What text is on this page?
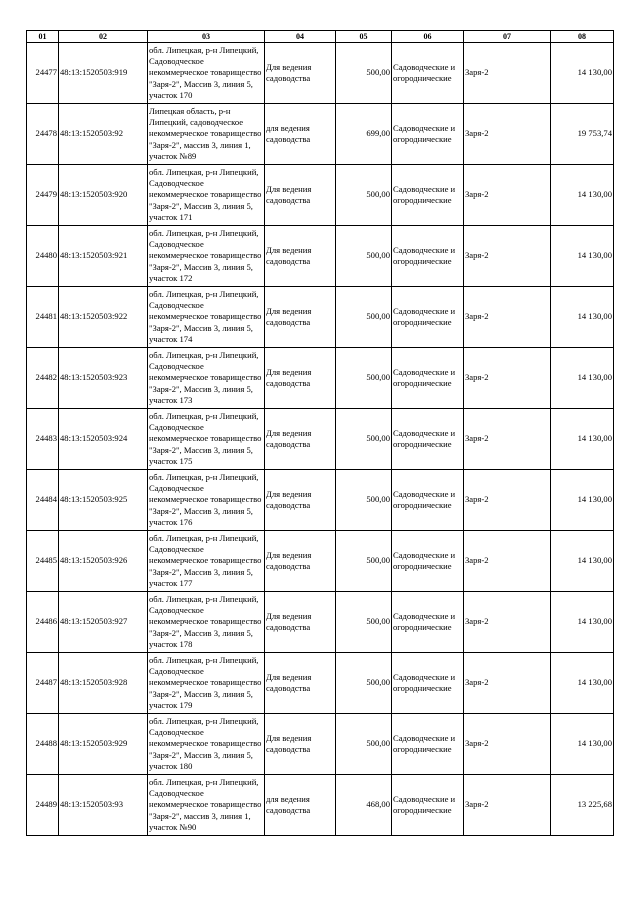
01	02	03	04	05	06	07	08
24477	48:13:1520503:919	обл. Липецкая, р-н Липецкий, Садоводческое некоммерческое товарищество "Заря-2", Массив 3, линия 5, участок 170	Для ведения садоводства	500,00	Садоводческие и огороднические	Заря-2	14 130,00
24478	48:13:1520503:92	Липецкая область, р-н Липецкий, садоводческое некоммерческое товарищество "Заря-2", массив 3, линия 1, участок №89	для ведения садоводства	699,00	Садоводческие и огороднические	Заря-2	19 753,74
24479	48:13:1520503:920	обл. Липецкая, р-н Липецкий, Садоводческое некоммерческое товарищество "Заря-2", Массив 3, линия 5, участок 171	Для ведения садоводства	500,00	Садоводческие и огороднические	Заря-2	14 130,00
24480	48:13:1520503:921	обл. Липецкая, р-н Липецкий, Садоводческое некоммерческое товарищество "Заря-2", Массив 3, линия 5, участок 172	Для ведения садоводства	500,00	Садоводческие и огороднические	Заря-2	14 130,00
24481	48:13:1520503:922	обл. Липецкая, р-н Липецкий, Садоводческое некоммерческое товарищество "Заря-2", Массив 3, линия 5, участок 174	Для ведения садоводства	500,00	Садоводческие и огороднические	Заря-2	14 130,00
24482	48:13:1520503:923	обл. Липецкая, р-н Липецкий, Садоводческое некоммерческое товарищество "Заря-2", Массив 3, линия 5, участок 173	Для ведения садоводства	500,00	Садоводческие и огороднические	Заря-2	14 130,00
24483	48:13:1520503:924	обл. Липецкая, р-н Липецкий, Садоводческое некоммерческое товарищество "Заря-2", Массив 3, линия 5, участок 175	Для ведения садоводства	500,00	Садоводческие и огороднические	Заря-2	14 130,00
24484	48:13:1520503:925	обл. Липецкая, р-н Липецкий, Садоводческое некоммерческое товарищество "Заря-2", Массив 3, линия 5, участок 176	Для ведения садоводства	500,00	Садоводческие и огороднические	Заря-2	14 130,00
24485	48:13:1520503:926	обл. Липецкая, р-н Липецкий, Садоводческое некоммерческое товарищество "Заря-2", Массив 3, линия 5, участок 177	Для ведения садоводства	500,00	Садоводческие и огороднические	Заря-2	14 130,00
24486	48:13:1520503:927	обл. Липецкая, р-н Липецкий, Садоводческое некоммерческое товарищество "Заря-2", Массив 3, линия 5, участок 178	Для ведения садоводства	500,00	Садоводческие и огороднические	Заря-2	14 130,00
24487	48:13:1520503:928	обл. Липецкая, р-н Липецкий, Садоводческое некоммерческое товарищество "Заря-2", Массив 3, линия 5, участок 179	Для ведения садоводства	500,00	Садоводческие и огороднические	Заря-2	14 130,00
24488	48:13:1520503:929	обл. Липецкая, р-н Липецкий, Садоводческое некоммерческое товарищество "Заря-2", Массив 3, линия 5, участок 180	Для ведения садоводства	500,00	Садоводческие и огороднические	Заря-2	14 130,00
24489	48:13:1520503:93	обл. Липецкая, р-н Липецкий, Садоводческое некоммерческое товарищество "Заря-2", массив 3, линия 1, участок №90	для ведения садоводства	468,00	Садоводческие и огороднические	Заря-2	13 225,68
